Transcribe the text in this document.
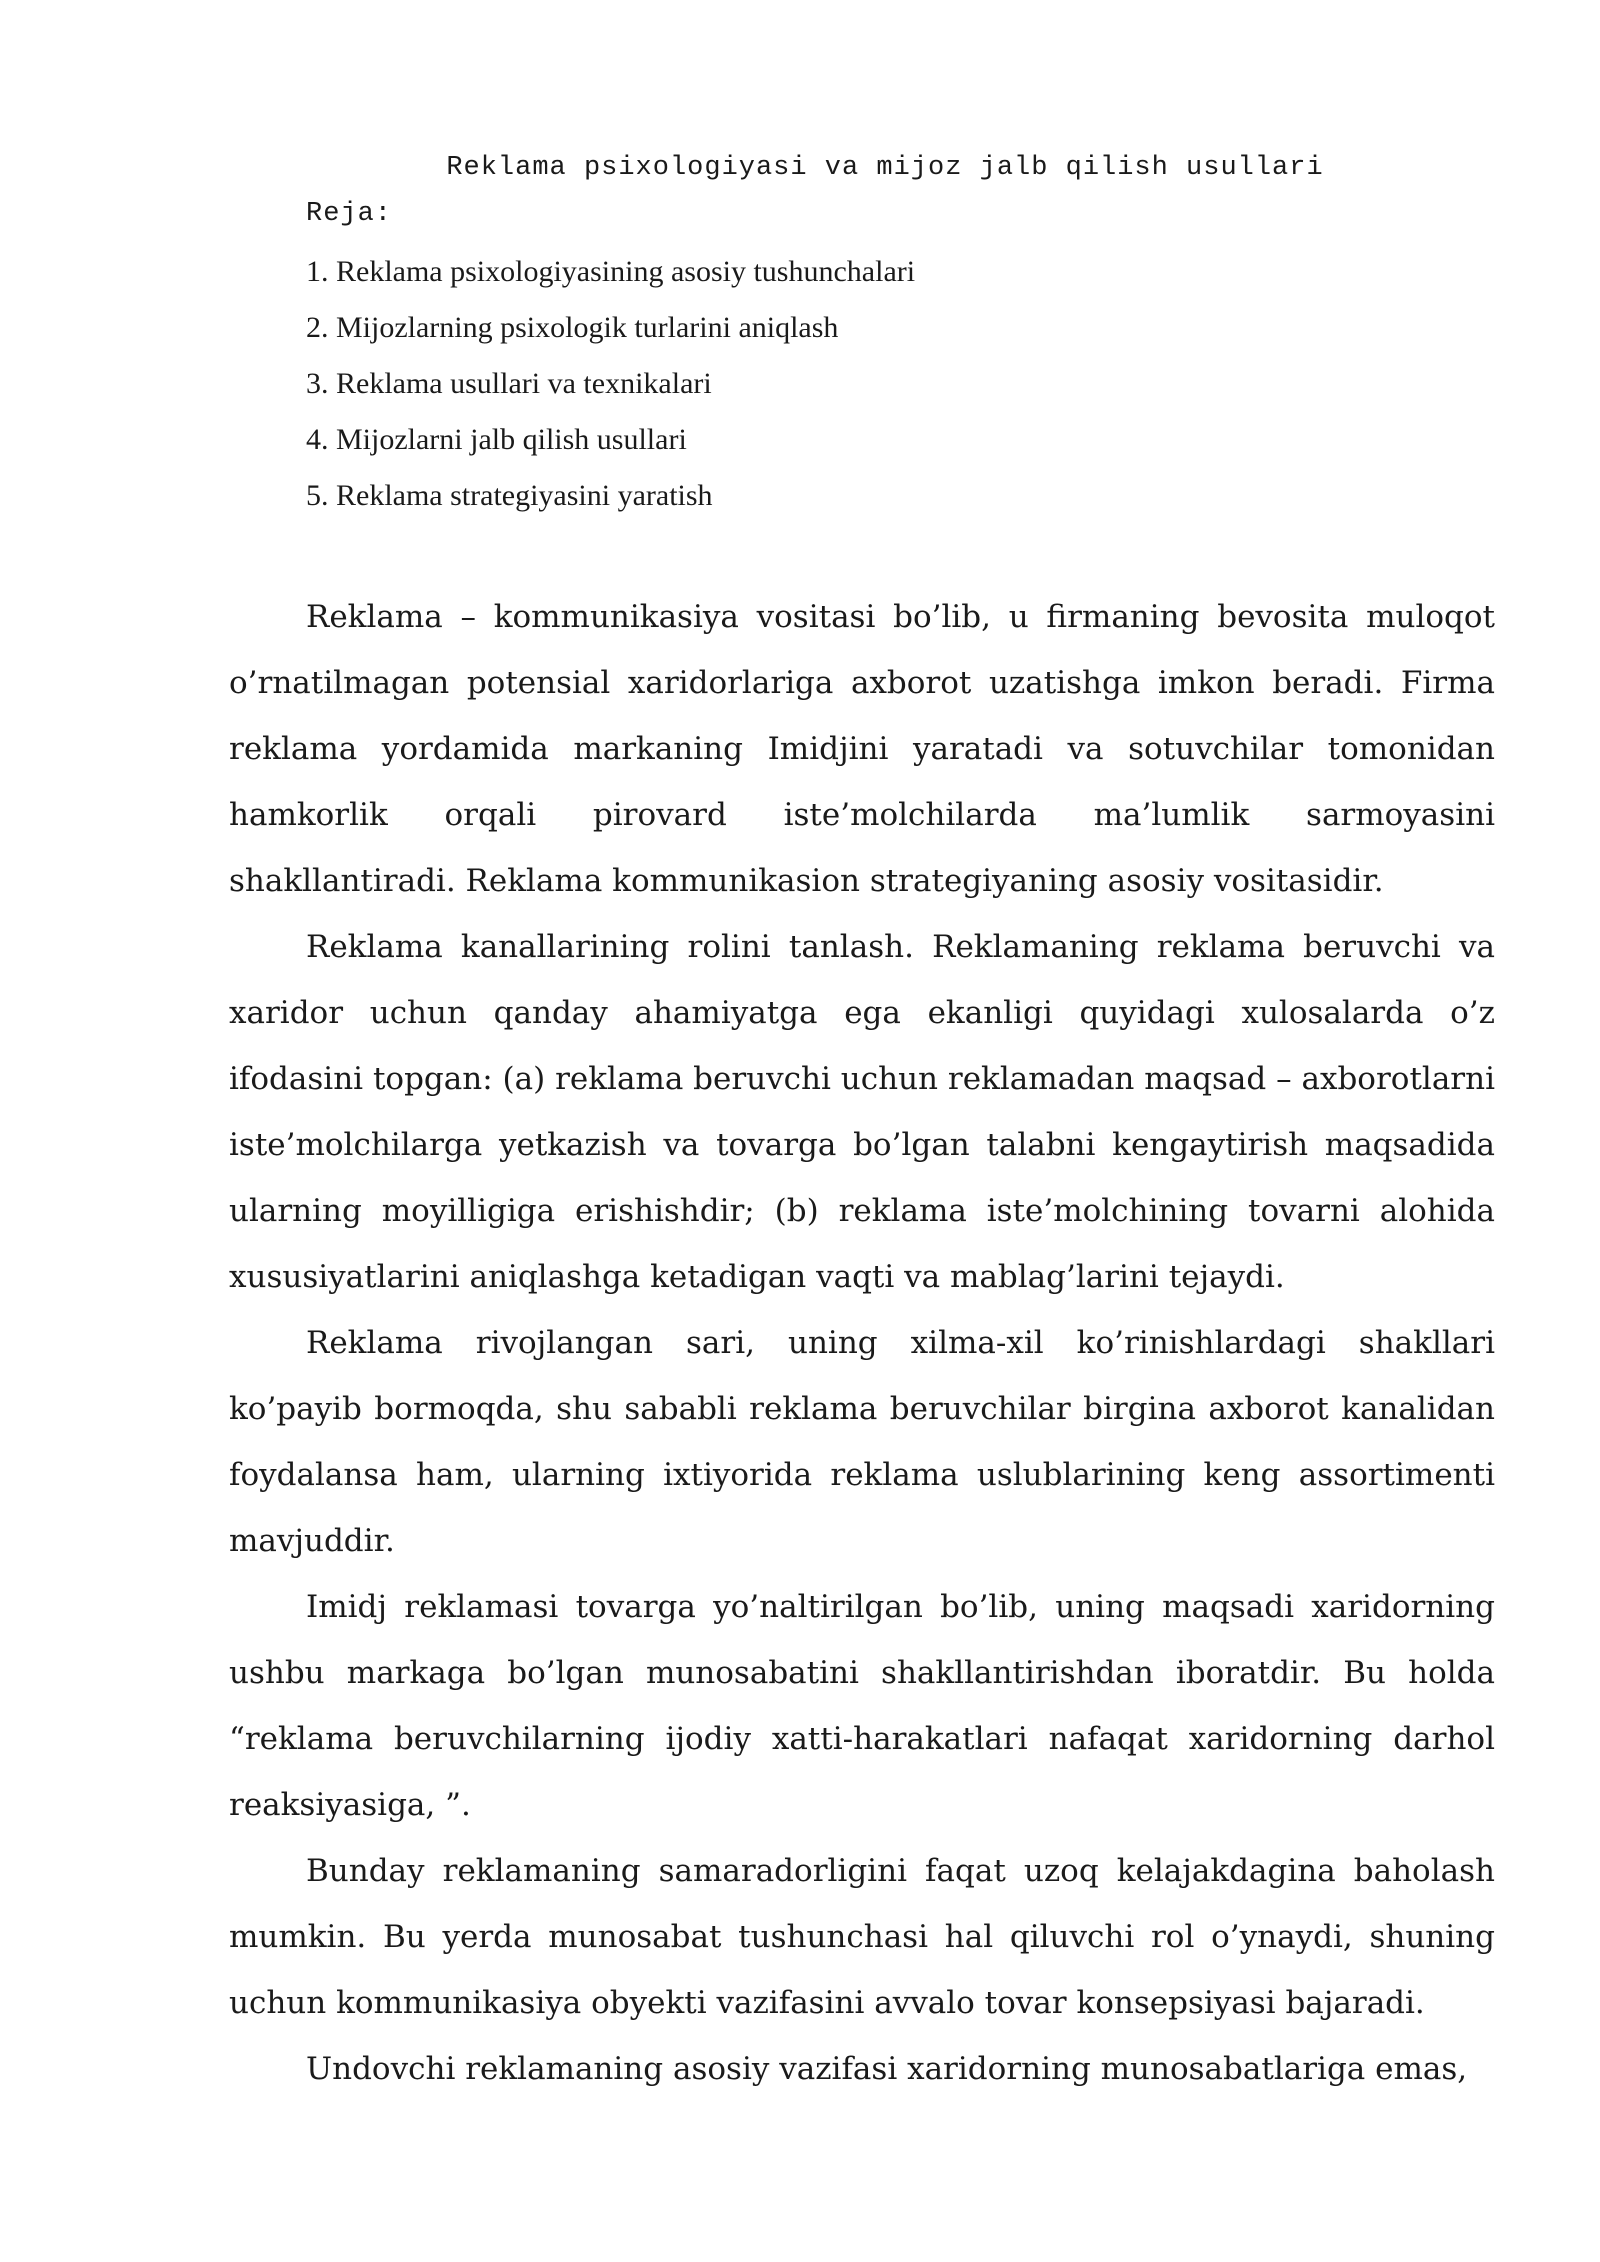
Reklama psixologiyasi va mijoz jalb qilish usullari
Reja:
1. Reklama psixologiyasining asosiy tushunchalari
2. Mijozlarning psixologik turlarini aniqlash
3. Reklama usullari va texnikalari
4. Mijozlarni jalb qilish usullari
5. Reklama strategiyasini yaratish

Reklama – kommunikasiya vositasi bo’lib, u firmaning bevosita muloqot o’rnatilmagan potensial xaridorlariga axborot uzatishga imkon beradi. Firma reklama yordamida markaning Imidjini yaratadi va sotuvchilar tomonidan hamkorlik orqali pirovard iste’molchilarda ma’lumlik sarmoyasini shakllantiradi. Reklama kommunikasion strategiyaning asosiy vositasidir.

Reklama kanallarining rolini tanlash. Reklamaning reklama beruvchi va xaridor uchun qanday ahamiyatga ega ekanligi quyidagi xulosalarda o’z ifodasini topgan: (a) reklama beruvchi uchun reklamadan maqsad – axborotlarni iste’molchilarga yetkazish va tovarga bo’lgan talabni kengaytirish maqsadida ularning moyilligiga erishishdir; (b) reklama iste’molchining tovarni alohida xususiyatlarini aniqlashga ketadigan vaqti va mablag’larini tejaydi.

Reklama rivojlangan sari, uning xilma-xil ko’rinishlardagi shakllari ko’payib bormoqda, shu sababli reklama beruvchilar birgina axborot kanalidan foydalansa ham, ularning ixtiyorida reklama uslublarining keng assortimenti mavjuddir.

Imidj reklamasi tovarga yo’naltirilgan bo’lib, uning maqsadi xaridorning ushbu markaga bo’lgan munosabatini shakllantirishdan iboratdir. Bu holda “reklama beruvchilarning ijodiy xatti-harakatlari nafaqat xaridorning darhol reaksiyasiga, ”.

Bunday reklamaning samaradorligini faqat uzoq kelajakdagina baholash mumkin. Bu yerda munosabat tushunchasi hal qiluvchi rol o’ynaydi, shuning uchun kommunikasiya obyekti vazifasini avvalo tovar konsepsiyasi bajaradi.

Undovchi reklamaning asosiy vazifasi xaridorning munosabatlariga emas,
